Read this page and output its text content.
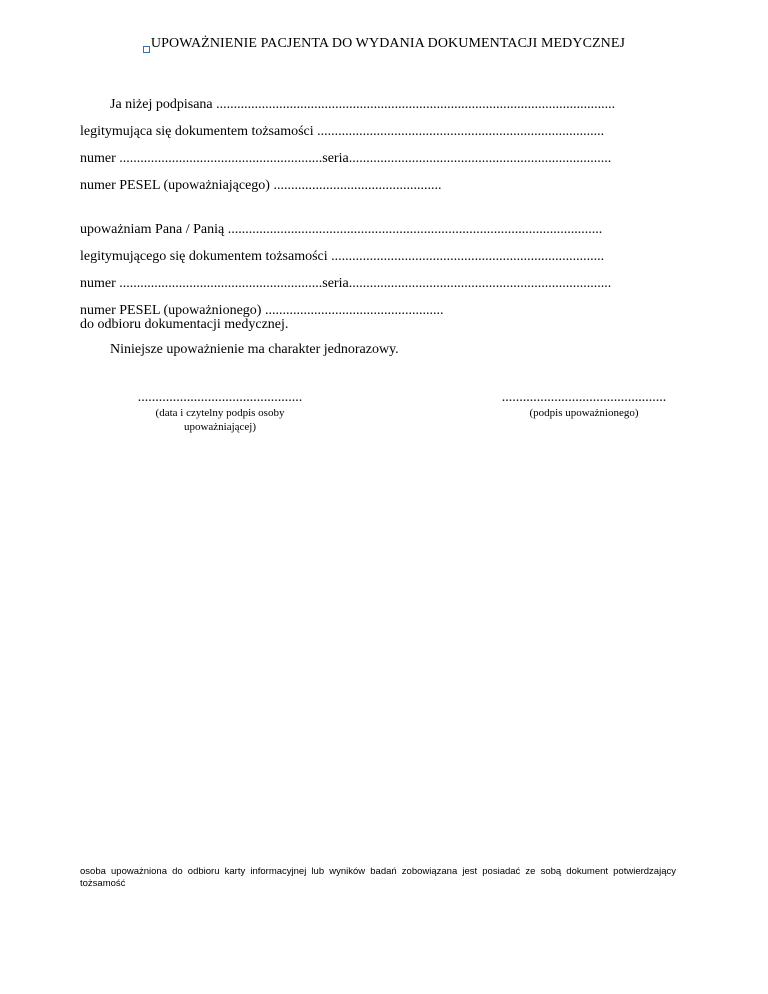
UPOWAŻNIENIE PACJENTA DO WYDANIA DOKUMENTACJI MEDYCZNEJ
Ja niżej podpisana ..................................................................................................................
legitymująca się dokumentem tożsamości ..................................................................................
numer ..........................................................seria...........................................................................
numer PESEL (upoważniającego) ................................................
upoważniam Pana / Panią ...........................................................................................................
legitymującego się dokumentem tożsamości ..............................................................................
numer ..........................................................seria...........................................................................
numer PESEL (upoważnionego) ...................................................
do odbioru dokumentacji medycznej.
Niniejsze upoważnienie ma charakter jednorazowy.
...............................................
(data i czytelny podpis osoby
upoważniającej)
...............................................
(podpis upoważnionego)
osoba upoważniona do odbioru karty informacyjnej lub wyników badań zobowiązana jest posiadać ze sobą dokument potwierdzający tożsamość
